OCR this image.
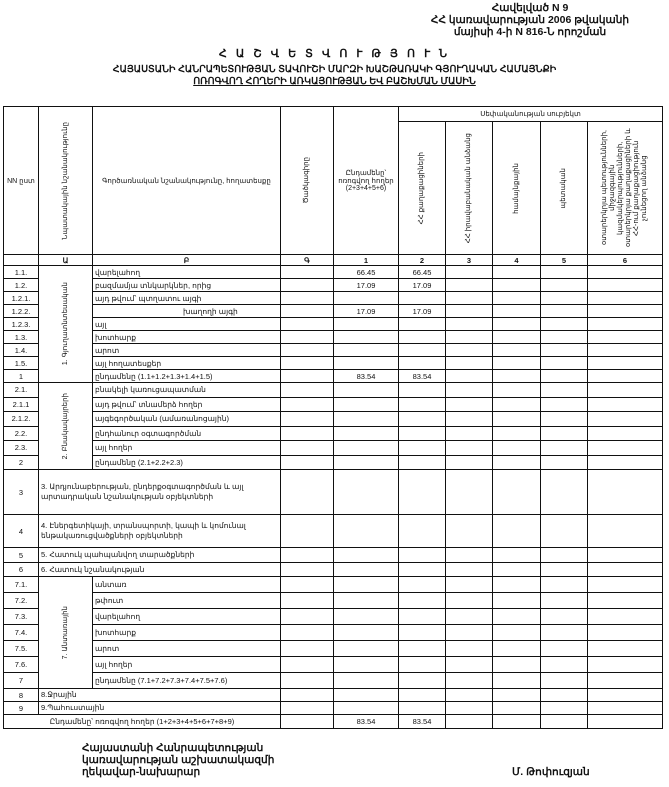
Հավելված N 9
ՀՀ կառավարության 2006 թվականի
մայիսի 4-ի N 816-Ն որոշման
Հ Ա Շ Վ Ե Տ Վ Ո Ւ Թ Յ Ո Ւ Ն
ՀԱՅԱՍՏԱՆԻ ՀԱՆՐԱՊԵՏՈՒԹՅԱՆ ՏԱՎՈՒՇԻ ՄԱՐԶԻ ԽԱՇԹԱՌԱԿԻ ԳՅՈՒՂԱԿԱՆ ՀԱՄԱՅՆՔԻ
ՈՌՈԳՎՈՂ ՀՈՂԵՐԻ ԱՌԿԱՅՈՒԹՅԱՆ ԵՎ ԲԱՇԽՄԱՆ ՄԱՍԻՆ
NN ըստ	Նպատակային նշանակությունը	Գործառնական նշանակությունը, հողատեսքը	Ծածկագիրը	Ընդամենը՝ ոռոգվող հողեր (2+3+4+5+6)	Սեփականության սուբյեկտ				

					ՀՀ քաղաքացիների	ՀՀ իրավաբանական անձանց	համայնքային	պետական	օտարերկրյա պետությունների, միջազգային կազմակերպությունների, օտարերկրյա քաղաքացիների և ՀՀ-ում քաղաքացիություն չունեցող անձանց

	Ա	Բ	Գ	1	2	3	4	5	6
1.1.	1. Գյուղատնտեսական	վարելահող		66.45	66.45				
1.2.		բազմամյա տնկարկներ, որից		17.09	17.09				
1.2.1.		այդ թվում՝ պտղատու այգի							
1.2.2.		խաղողի այգի		17.09	17.09				
1.2.3.		այլ							
1.3.		խոտհարք							
1.4.		արոտ							
1.5.		այլ հողատեսքեր							
1		ընդամենը (1.1+1.2+1.3+1.4+1.5)		83.54	83.54				
2.1.	2. Բնակավայրերի	բնակելի կառուցապատման							
2.1.1		այդ թվում՝ տնամերձ հողեր							
2.1.2.		այգեգործական (ամառանոցային)							
2.2.		ընդհանուր օգտագործման							
2.3.		այլ հողեր							
2		ընդամենը (2.1+2.2+2.3)							
3	3. Արդյունաբերության, ընդերքօգտագործման և այլ արտադրական նշանակության օբյեկտների								
4	4. Էներգետիկայի, տրանսպորտի, կապի և կոմունալ ենթակառուցվածքների օբյեկտների								
5	5. Հատուկ պահպանվող տարածքների								
6	6. Հատուկ նշանակության								
7.1.	7. Անտառային	անտառ							
7.2.		թփուտ							
7.3.		վարելահող							
7.4.		խոտհարք							
7.5.		արոտ							
7.6.		այլ հողեր							
7		ընդամենը (7.1+7.2+7.3+7.4+7.5+7.6)							
8	8.Ջրային								
9	9.Պահուստային								
Ընդամենը՝ ոռոգվող հողեր (1+2+3+4+5+6+7+8+9)				83.54	83.54				
Հայաստանի Հանրապետության
կառավարության աշխատակազմի
ղեկավար-նախարար	Մ. Թոփուզյան
